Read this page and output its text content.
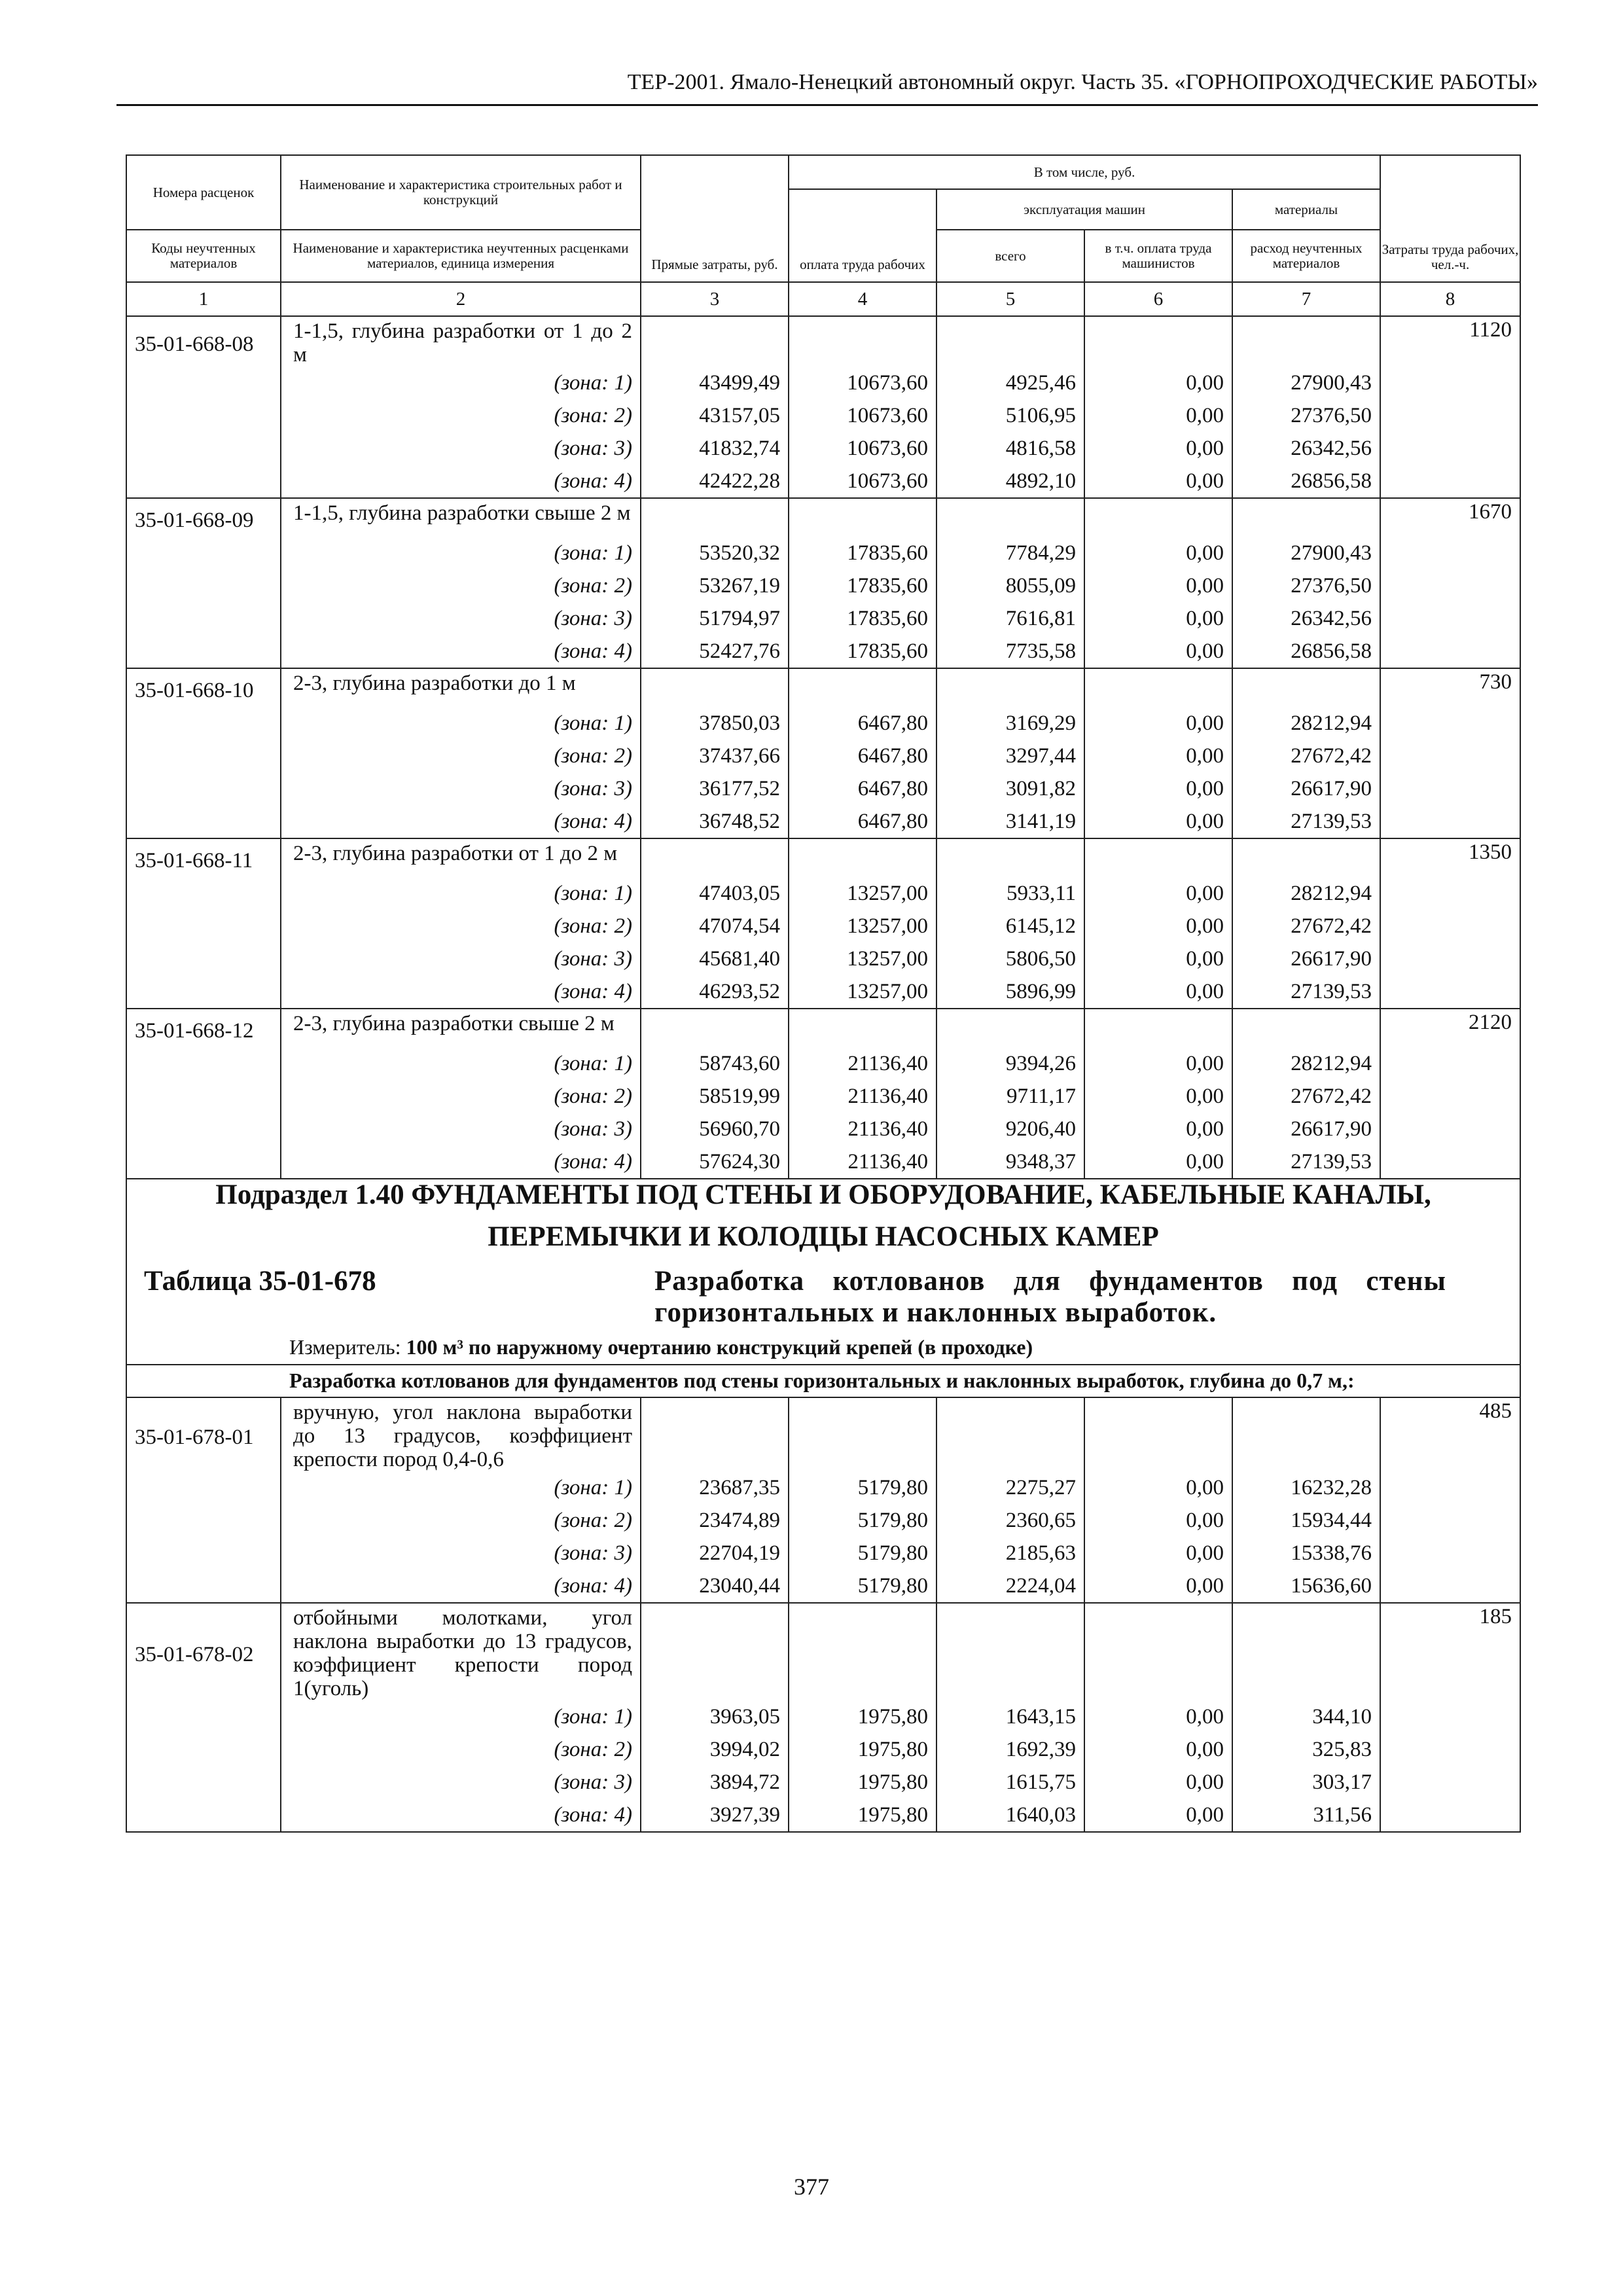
ТЕР-2001. Ямало-Ненецкий автономный округ. Часть 35. «ГОРНОПРОХОДЧЕСКИЕ РАБОТЫ»
Номера расценок	Наименование и характеристика строительных работ и конструкций	Прямые затраты, руб.	В том числе, руб.				Затраты труда рабочих, чел.-ч.
			оплата труда рабочих	эксплуатация машин		материалы	
Коды неучтенных материалов	Наименование и характеристика неучтенных расценками материалов, единица измерения			всего	в т.ч. оплата труда машинистов	расход неучтенных материалов	
1	2	3	4	5	6	7	8
35-01-668-08	1-1,5, глубина разработки от 1 до 2 м						1120
	(зона: 1)	43499,49	10673,60	4925,46	0,00	27900,43	
	(зона: 2)	43157,05	10673,60	5106,95	0,00	27376,50	
	(зона: 3)	41832,74	10673,60	4816,58	0,00	26342,56	
	(зона: 4)	42422,28	10673,60	4892,10	0,00	26856,58	
35-01-668-09	1-1,5, глубина разработки свыше 2 м						1670
	(зона: 1)	53520,32	17835,60	7784,29	0,00	27900,43	
	(зона: 2)	53267,19	17835,60	8055,09	0,00	27376,50	
	(зона: 3)	51794,97	17835,60	7616,81	0,00	26342,56	
	(зона: 4)	52427,76	17835,60	7735,58	0,00	26856,58	
35-01-668-10	2-3, глубина разработки до 1 м						730
	(зона: 1)	37850,03	6467,80	3169,29	0,00	28212,94	
	(зона: 2)	37437,66	6467,80	3297,44	0,00	27672,42	
	(зона: 3)	36177,52	6467,80	3091,82	0,00	26617,90	
	(зона: 4)	36748,52	6467,80	3141,19	0,00	27139,53	
35-01-668-11	2-3, глубина разработки от 1 до 2 м						1350
	(зона: 1)	47403,05	13257,00	5933,11	0,00	28212,94	
	(зона: 2)	47074,54	13257,00	6145,12	0,00	27672,42	
	(зона: 3)	45681,40	13257,00	5806,50	0,00	26617,90	
	(зона: 4)	46293,52	13257,00	5896,99	0,00	27139,53	
35-01-668-12	2-3, глубина разработки свыше 2 м						2120
	(зона: 1)	58743,60	21136,40	9394,26	0,00	28212,94	
	(зона: 2)	58519,99	21136,40	9711,17	0,00	27672,42	
	(зона: 3)	56960,70	21136,40	9206,40	0,00	26617,90	
	(зона: 4)	57624,30	21136,40	9348,37	0,00	27139,53	

Подраздел 1.40 ФУНДАМЕНТЫ ПОД СТЕНЫ И ОБОРУДОВАНИЕ, КАБЕЛЬНЫЕ КАНАЛЫ, ПЕРЕМЫЧКИ И КОЛОДЦЫ НАСОСНЫХ КАМЕР
Таблица 35-01-678 Разработка котлованов для фундаментов под стены горизонтальных и наклонных выработок.
Измеритель: 100 м³ по наружному очертанию конструкций крепей (в проходке)							

Разработка котлованов для фундаментов под стены горизонтальных и наклонных выработок, глубина до 0,7 м,:							

35-01-678-01	вручную, угол наклона выработки до 13 градусов, коэффициент крепости пород 0,4-0,6						485
	(зона: 1)	23687,35	5179,80	2275,27	0,00	16232,28	
	(зона: 2)	23474,89	5179,80	2360,65	0,00	15934,44	
	(зона: 3)	22704,19	5179,80	2185,63	0,00	15338,76	
	(зона: 4)	23040,44	5179,80	2224,04	0,00	15636,60	
35-01-678-02	отбойными молотками, угол наклона выработки до 13 градусов, коэффициент крепости пород 1(уголь)						185
	(зона: 1)	3963,05	1975,80	1643,15	0,00	344,10	
	(зона: 2)	3994,02	1975,80	1692,39	0,00	325,83	
	(зона: 3)	3894,72	1975,80	1615,75	0,00	303,17	
	(зона: 4)	3927,39	1975,80	1640,03	0,00	311,56	
377
